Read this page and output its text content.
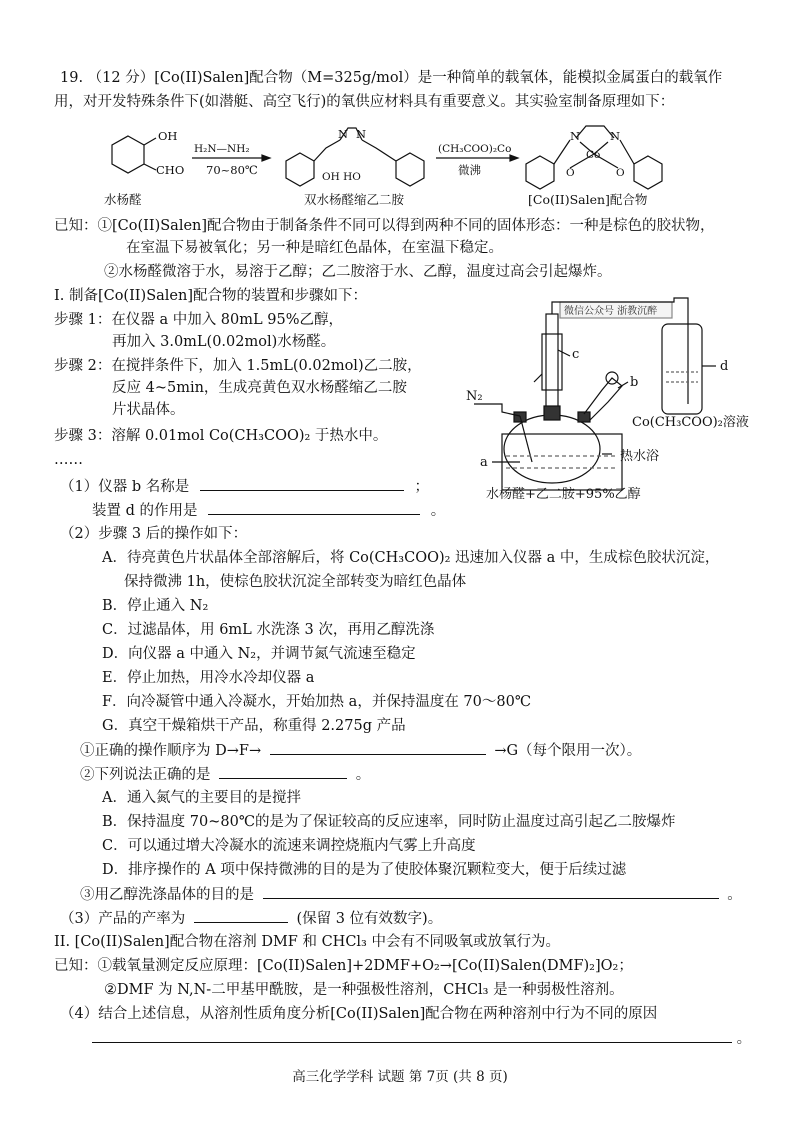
19. （12 分）[Co(II)Salen]配合物（M=325g/mol）是一种简单的载氧体，能模拟金属蛋白的载氧作
用，对开发特殊条件下(如潜艇、高空飞行)的氧供应材料具有重要意义。其实验室制备原理如下：
OH
CHO
H₂N⁠—⁠NH₂
70~80℃
N N
OH HO
(CH₃COO)₂Co
微沸
N	N
Co
O	O
水杨醛	双水杨醛缩乙二胺	[Co(II)Salen]配合物
已知：①[Co(II)Salen]配合物由于制备条件不同可以得到两种不同的固体形态：一种是棕色的胶状物，
在室温下易被氧化；另一种是暗红色晶体，在室温下稳定。
②水杨醛微溶于水，易溶于乙醇；乙二胺溶于水、乙醇，温度过高会引起爆炸。
I. 制备[Co(II)Salen]配合物的装置和步骤如下：
步骤 1：在仪器 a 中加入 80mL 95%乙醇，
再加入 3.0mL(0.02mol)水杨醛。
步骤 2：在搅拌条件下，加入 1.5mL(0.02mol)乙二胺，
反应 4~5min，生成亮黄色双水杨醛缩乙二胺
片状晶体。
步骤 3：溶解 0.01mol Co(CH₃COO)₂ 于热水中。
……
微信公众号 浙教沉醉
c
b
d
N₂
a
Co(CH₃COO)₂溶液
热水浴
水杨醛+乙二胺+95%乙醇
（1）仪器 b 名称是	；
装置 d 的作用是	。
（2）步骤 3 后的操作如下：
A．待亮黄色片状晶体全部溶解后，将 Co(CH₃COO)₂ 迅速加入仪器 a 中，生成棕色胶状沉淀，
保持微沸 1h，使棕色胶状沉淀全部转变为暗红色晶体
B．停止通入 N₂
C．过滤晶体，用 6mL 水洗涤 3 次，再用乙醇洗涤
D．向仪器 a 中通入 N₂，并调节氮气流速至稳定
E．停止加热，用冷水冷却仪器 a
F．向冷凝管中通入冷凝水，开始加热 a，并保持温度在 70～80℃
G．真空干燥箱烘干产品，称重得 2.275g 产品
①正确的操作顺序为 D→F→	→G（每个限用一次）。
②下列说法正确的是	。
A．通入氮气的主要目的是搅拌
B．保持温度 70~80℃的是为了保证较高的反应速率，同时防止温度过高引起乙二胺爆炸
C．可以通过增大冷凝水的流速来调控烧瓶内气雾上升高度
D．排序操作的 A 项中保持微沸的目的是为了使胶体聚沉颗粒变大，便于后续过滤
③用乙醇洗涤晶体的目的是	。
（3）产品的产率为	(保留 3 位有效数字)。
II. [Co(II)Salen]配合物在溶剂 DMF 和 CHCl₃ 中会有不同吸氧或放氧行为。
已知：①载氧量测定反应原理：[Co(II)Salen]+2DMF+O₂→[Co(II)Salen(DMF)₂]O₂；
②DMF 为 N,N-二甲基甲酰胺，是一种强极性溶剂，CHCl₃ 是一种弱极性溶剂。
（4）结合上述信息，从溶剂性质角度分析[Co(II)Salen]配合物在两种溶剂中行为不同的原因
。
高三化学学科 试题 第 7页 (共 8 页)
